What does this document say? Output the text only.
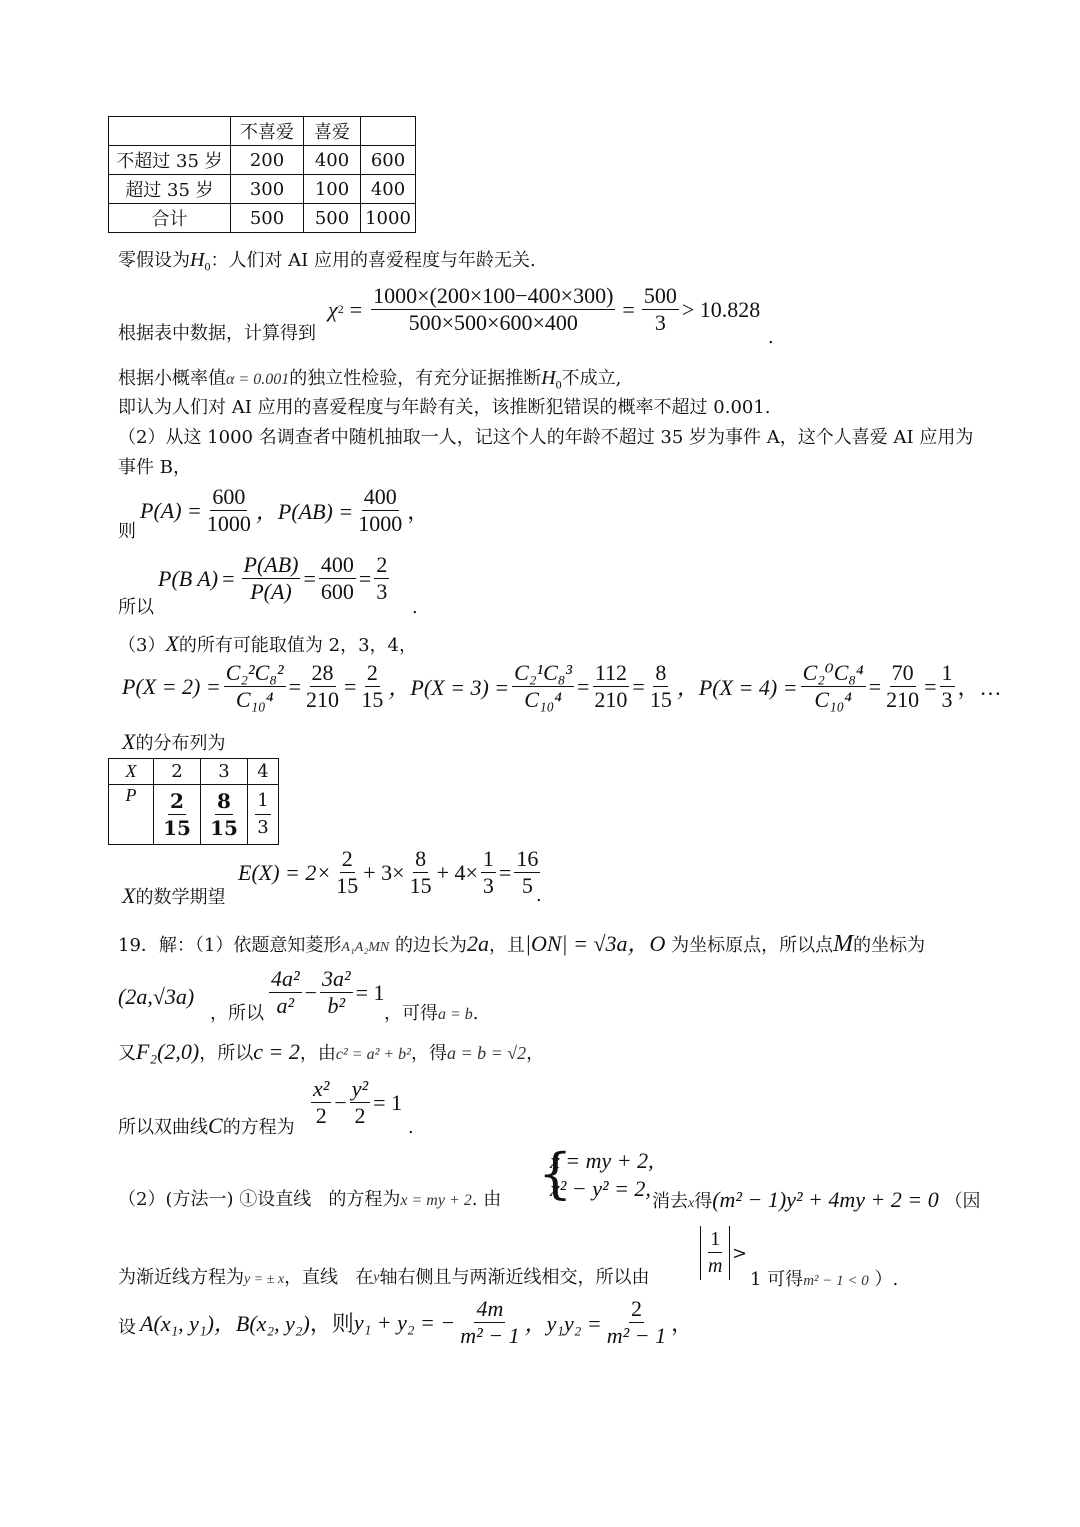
	不喜爱	喜爱	
不超过 35 岁	200	400	600
超过 35 岁	300	100	400
合计	500	500	1000
零假设为$H_0$：人们对 AI 应用的喜爱程度与年龄无关.
根据表中数据，计算得到
χ $2 = \frac{1000\times(200\times 100-400\times 300)}{500\times 500\times 600\times 400} = \frac{500}{3} > 10.828$
.
根据小概率值α = 0.001的独立性检验，有充分证据推断$H_0$不成立,
即认为人们对 AI 应用的喜爱程度与年龄有关，该推断犯错误的概率不超过 0.001.
（2）从这 1000 名调查者中随机抽取一人，记这个人的年龄不超过 35 岁为事件 A，这个人喜爱 AI 应用为
事件 B，
则
$P(A) = \frac{600}{1000}$ ，$P(AB) = \frac{400}{1000}$ ，
所以
P(B $A) = \frac{P(AB)}{P(A)} = \frac{400}{600} = \frac{2}{3}$
.
（3）X的所有可能取值为 2，3，4，
$P(X = 2) = \frac{\text{C₂²C₈²}}{\text{C₁₀⁴}} = \frac{28}{210} = \frac{2}{15}$ ，$P(X = 3) = \frac{\text{C₂¹C₈³}}{\text{C₁₀⁴}} = \frac{112}{210} = \frac{8}{15}$ ，$P(X = 4) = \frac{\text{C₂⁰C₈⁴}}{\text{C₁₀⁴}} = \frac{70}{210} = \frac{1}{3}$ ，…
X的分布列为
X	2	3	4
P	$\frac{2}{15}$	$\frac{8}{15}$	$\frac{1}{3}$
X的数学期望
$E(X) = 2\times \frac{2}{15} + 3\times \frac{8}{15} + 4\times \frac{1}{3} = \frac{16}{5}$
.
19．解：（1）依题意知菱形A₁A₂MN 的边长为2a，且|ON| = √3a，O 为坐标原点，所以点M的坐标为
(2a,√3a)
，所以 $\frac{\text{4a²}}{\text{a²}} - \frac{\text{3a²}}{\text{b²}} = 1$
，可得a = b.
又F₂(2,0)，所以c = 2，由c² = a² + b²，得a = b = √2，
所以双曲线C的方程为 $\frac{\text{x²}}{2} - \frac{\text{y²}}{2} = 1$
.
（2）(方法一) ①设直线 的方程为x = my + 2. 由 {
x = my + 2,
x² − y² = 2,
消去x得(m² − 1)y² + 4my + 2 = 0 （因
为渐近线方程为y = ± x，直线 在$^y$轴右侧且与两渐近线相交，所以由	$\frac{1}{m}$ >
1 可得m² − 1 < 0 ）.
设 A(x₁, y₁)，B(x₂, y₂) ，则 y₁ + y₂ = − $\frac{4m}{\text{m² − 1}}$ ，$y_1y_2 = \frac{2}{\text{m² − 1}}$ ，
